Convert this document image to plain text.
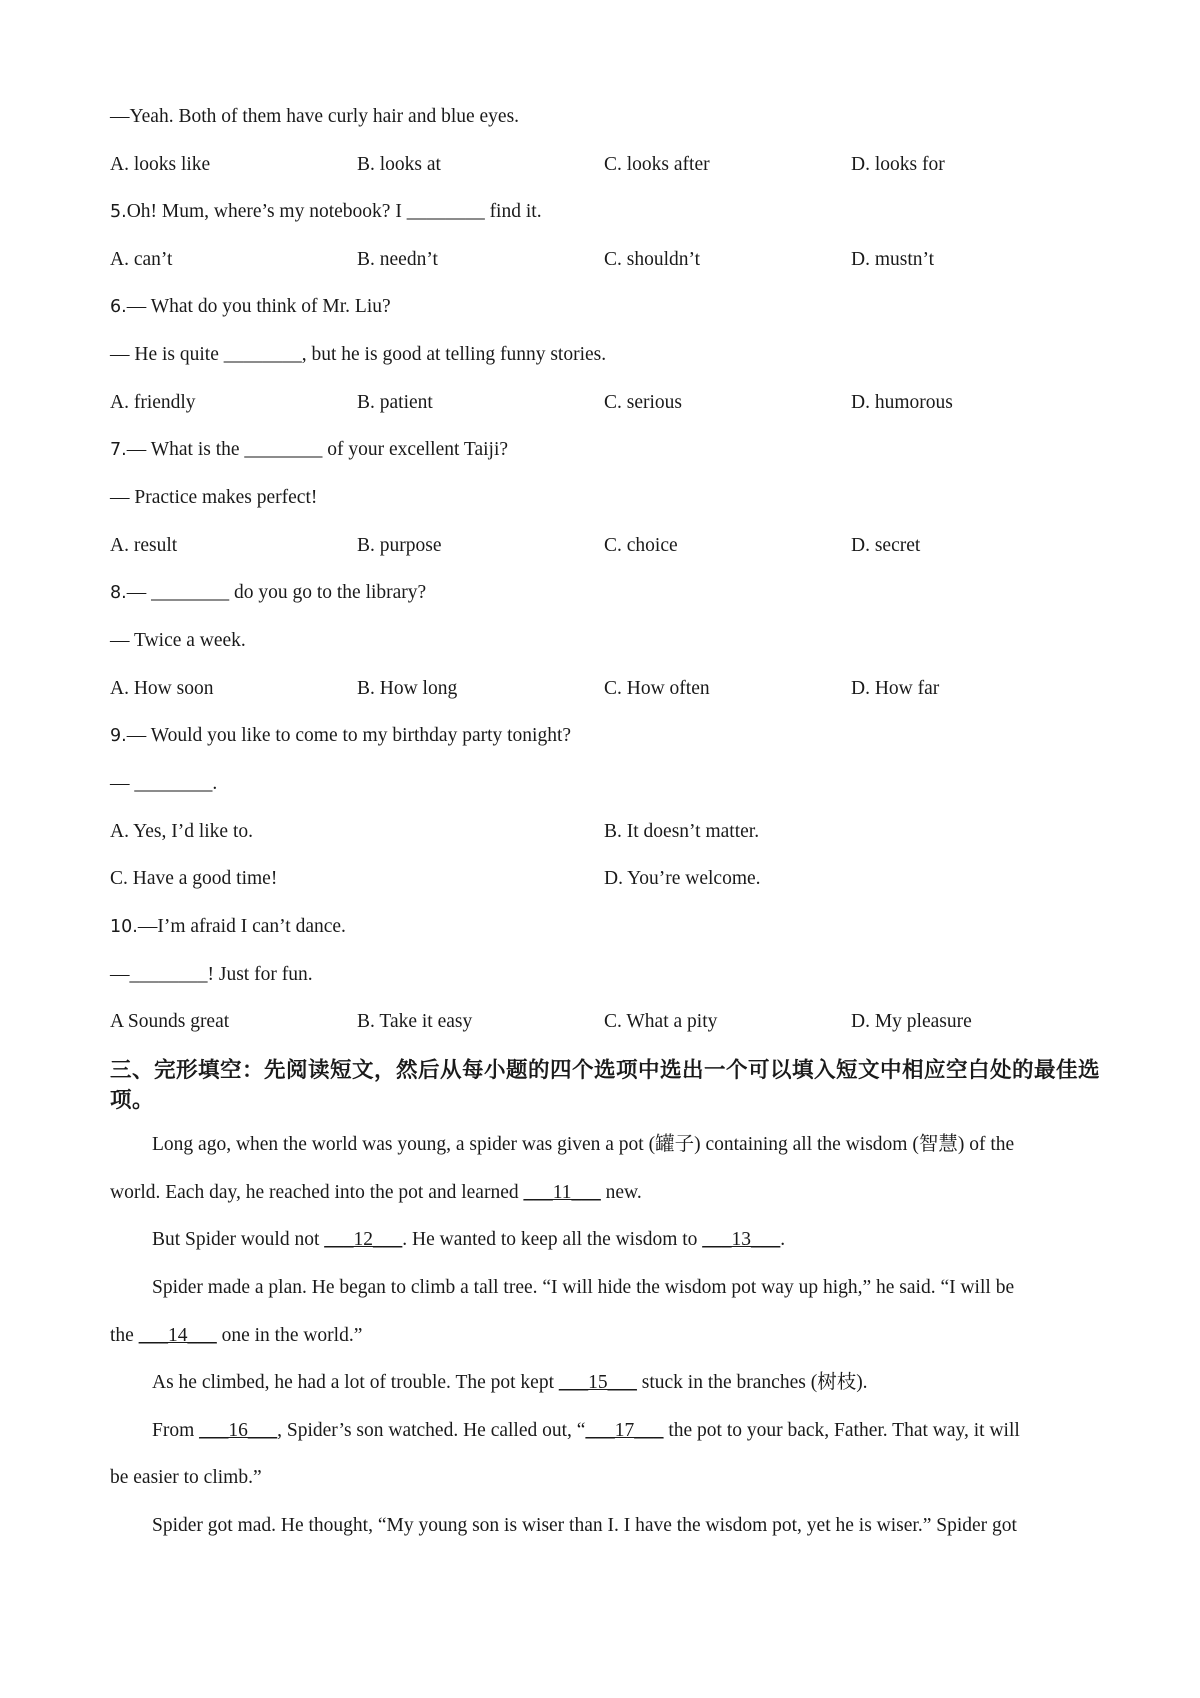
—Yeah. Both of them have curly hair and blue eyes.
A. looks like	B. looks at	C. looks after	D. looks for
5.Oh! Mum, where’s my notebook? I ________ find it.
A. can’t	B. needn’t	C. shouldn’t	D. mustn’t
6.— What do you think of Mr. Liu?
— He is quite ________, but he is good at telling funny stories.
A. friendly	B. patient	C. serious	D. humorous
7.— What is the ________ of your excellent Taiji?
— Practice makes perfect!
A. result	B. purpose	C. choice	D. secret
8.— ________ do you go to the library?
— Twice a week.
A. How soon	B. How long	C. How often	D. How far
9.— Would you like to come to my birthday party tonight?
— ________.
A. Yes, I’d like to.	B. It doesn’t matter.
C. Have a good time!	D. You’re welcome.
10.—I’m afraid I can’t dance.
—________! Just for fun.
A Sounds great	B. Take it easy	C. What a pity	D. My pleasure
三、完形填空：先阅读短文，然后从每小题的四个选项中选出一个可以填入短文中相应空白处的最佳选项。
Long ago, when the world was young, a spider was given a pot (罐子) containing all the wisdom (智慧) of the
world. Each day, he reached into the pot and learned ___11___ new.
But Spider would not ___12___. He wanted to keep all the wisdom to ___13___.
Spider made a plan. He began to climb a tall tree. “I will hide the wisdom pot way up high,” he said. “I will be
the ___14___ one in the world.”
As he climbed, he had a lot of trouble. The pot kept ___15___ stuck in the branches (树枝).
From ___16___, Spider’s son watched. He called out, “___17___ the pot to your back, Father. That way, it will
be easier to climb.”
Spider got mad. He thought, “My young son is wiser than I. I have the wisdom pot, yet he is wiser.” Spider got
